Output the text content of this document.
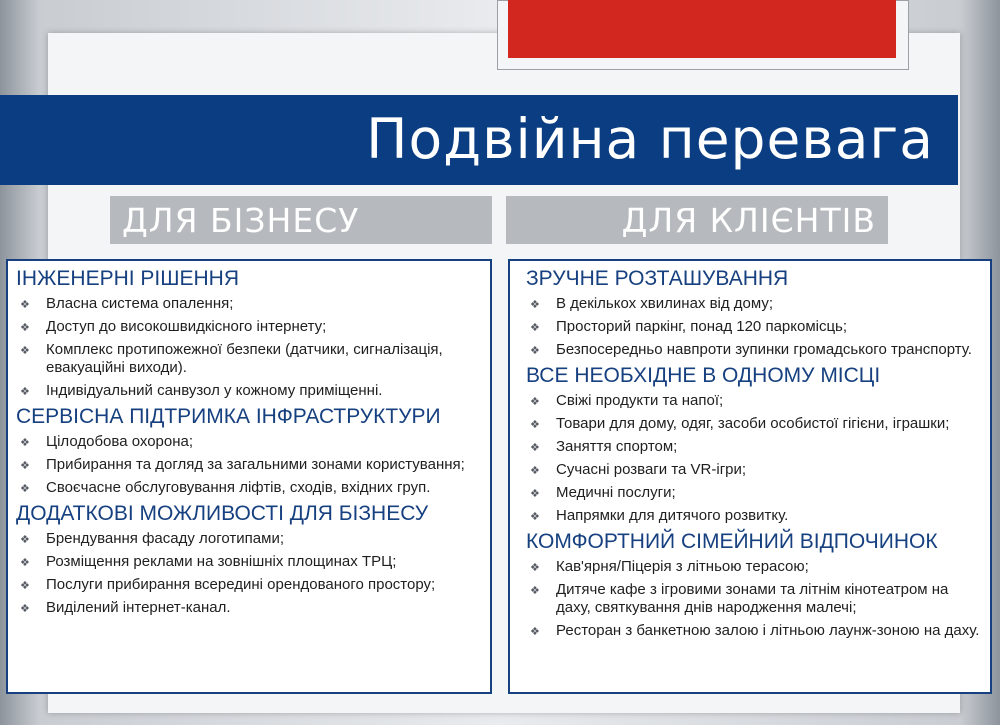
Подвійна перевага
ДЛЯ БІЗНЕСУ	ДЛЯ КЛІЄНТІВ
ІНЖЕНЕРНІ РІШЕННЯ
❖ Власна система опалення;
❖ Доступ до високошвидкісного інтернету;
❖ Комплекс протипожежної безпеки (датчики, сигналізація, евакуаційні виходи).
❖ Індивідуальний санвузол у кожному приміщенні.
СЕРВІСНА ПІДТРИМКА ІНФРАСТРУКТУРИ
❖ Цілодобова охорона;
❖ Прибирання та догляд за загальними зонами користування;
❖ Своєчасне обслуговування ліфтів, сходів, вхідних груп.
ДОДАТКОВІ МОЖЛИВОСТІ ДЛЯ БІЗНЕСУ
❖ Брендування фасаду логотипами;
❖ Розміщення реклами на зовнішніх площинах ТРЦ;
❖ Послуги прибирання всередині орендованого простору;
❖ Виділений інтернет-канал.
ЗРУЧНЕ РОЗТАШУВАННЯ
❖ В декількох хвилинах від дому;
❖ Просторий паркінг, понад 120 паркомісць;
❖ Безпосередньо навпроти зупинки громадського транспорту.
ВСЕ НЕОБХІДНЕ В ОДНОМУ МІСЦІ
❖ Свіжі продукти та напої;
❖ Товари для дому, одяг, засоби особистої гігієни, іграшки;
❖ Заняття спортом;
❖ Сучасні розваги та VR-ігри;
❖ Медичні послуги;
❖ Напрямки для дитячого розвитку.
КОМФОРТНИЙ СІМЕЙНИЙ ВІДПОЧИНОК
❖ Кав'ярня/Піцерія з літньою терасою;
❖ Дитяче кафе з ігровими зонами та літнім кінотеатром на даху, святкування днів народження малечі;
❖ Ресторан з банкетною залою і літньою лаунж-зоною на даху.
